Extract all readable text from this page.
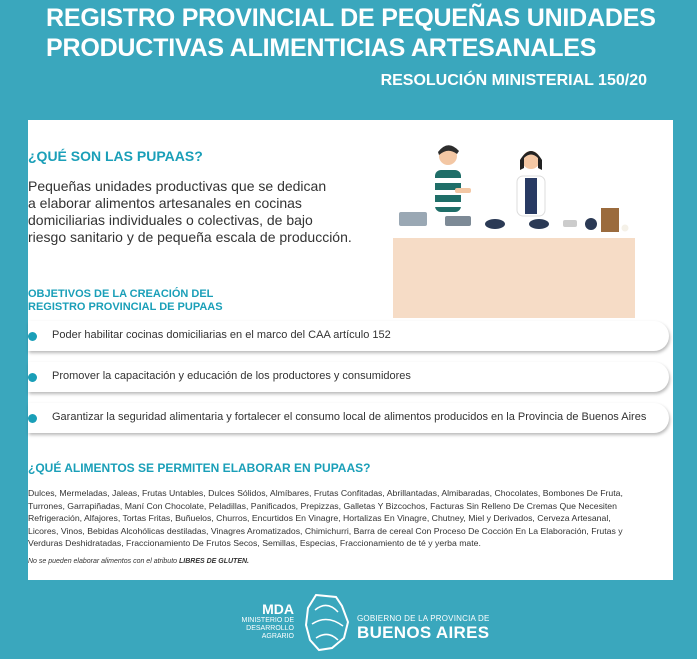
REGISTRO PROVINCIAL DE PEQUEÑAS UNIDADES
PRODUCTIVAS ALIMENTICIAS ARTESANALES
RESOLUCIÓN MINISTERIAL 150/20
¿QUÉ SON LAS PUPAAS?

Pequeñas unidades productivas que se dedican
a elaborar alimentos artesanales en cocinas
domiciliarias individuales o colectivas, de bajo
riesgo sanitario y de pequeña escala de producción.

OBJETIVOS DE LA CREACIÓN DEL
REGISTRO PROVINCIAL DE PUPAAS
Poder habilitar cocinas domiciliarias en el marco del CAA artículo 152
Promover la capacitación y educación de los productores y consumidores
Garantizar la seguridad alimentaria y fortalecer el consumo local de alimentos producidos en la Provincia de Buenos Aires
¿QUÉ ALIMENTOS SE PERMITEN ELABORAR EN PUPAAS?

Dulces, Mermeladas, Jaleas, Frutas Untables, Dulces Sólidos, Almíbares, Frutas Confitadas, Abrillantadas, Almibaradas, Chocolates, Bombones De Fruta,
Turrones, Garrapiñadas, Maní Con Chocolate, Peladillas, Panificados, Prepizzas, Galletas Y Bizcochos, Facturas Sin Relleno De Cremas Que Necesiten
Refrigeración, Alfajores, Tortas Fritas, Buñuelos, Churros, Encurtidos En Vinagre, Hortalizas En Vinagre, Chutney, Miel y Derivados, Cerveza Artesanal,
Licores, Vinos, Bebidas Alcohólicas destiladas, Vinagres Aromatizados, Chimichurri, Barra de cereal Con Proceso De Cocción En La Elaboración, Frutas y
Verduras Deshidratadas, Fraccionamiento De Frutos Secos, Semillas, Especias, Fraccionamiento de té y yerba mate.

No se pueden elaborar alimentos con el atributo LIBRES DE GLUTEN.

MDA
MINISTERIO DE
DESARROLLO AGRARIO
GOBIERNO DE LA PROVINCIA DE
BUENOS AIRES
